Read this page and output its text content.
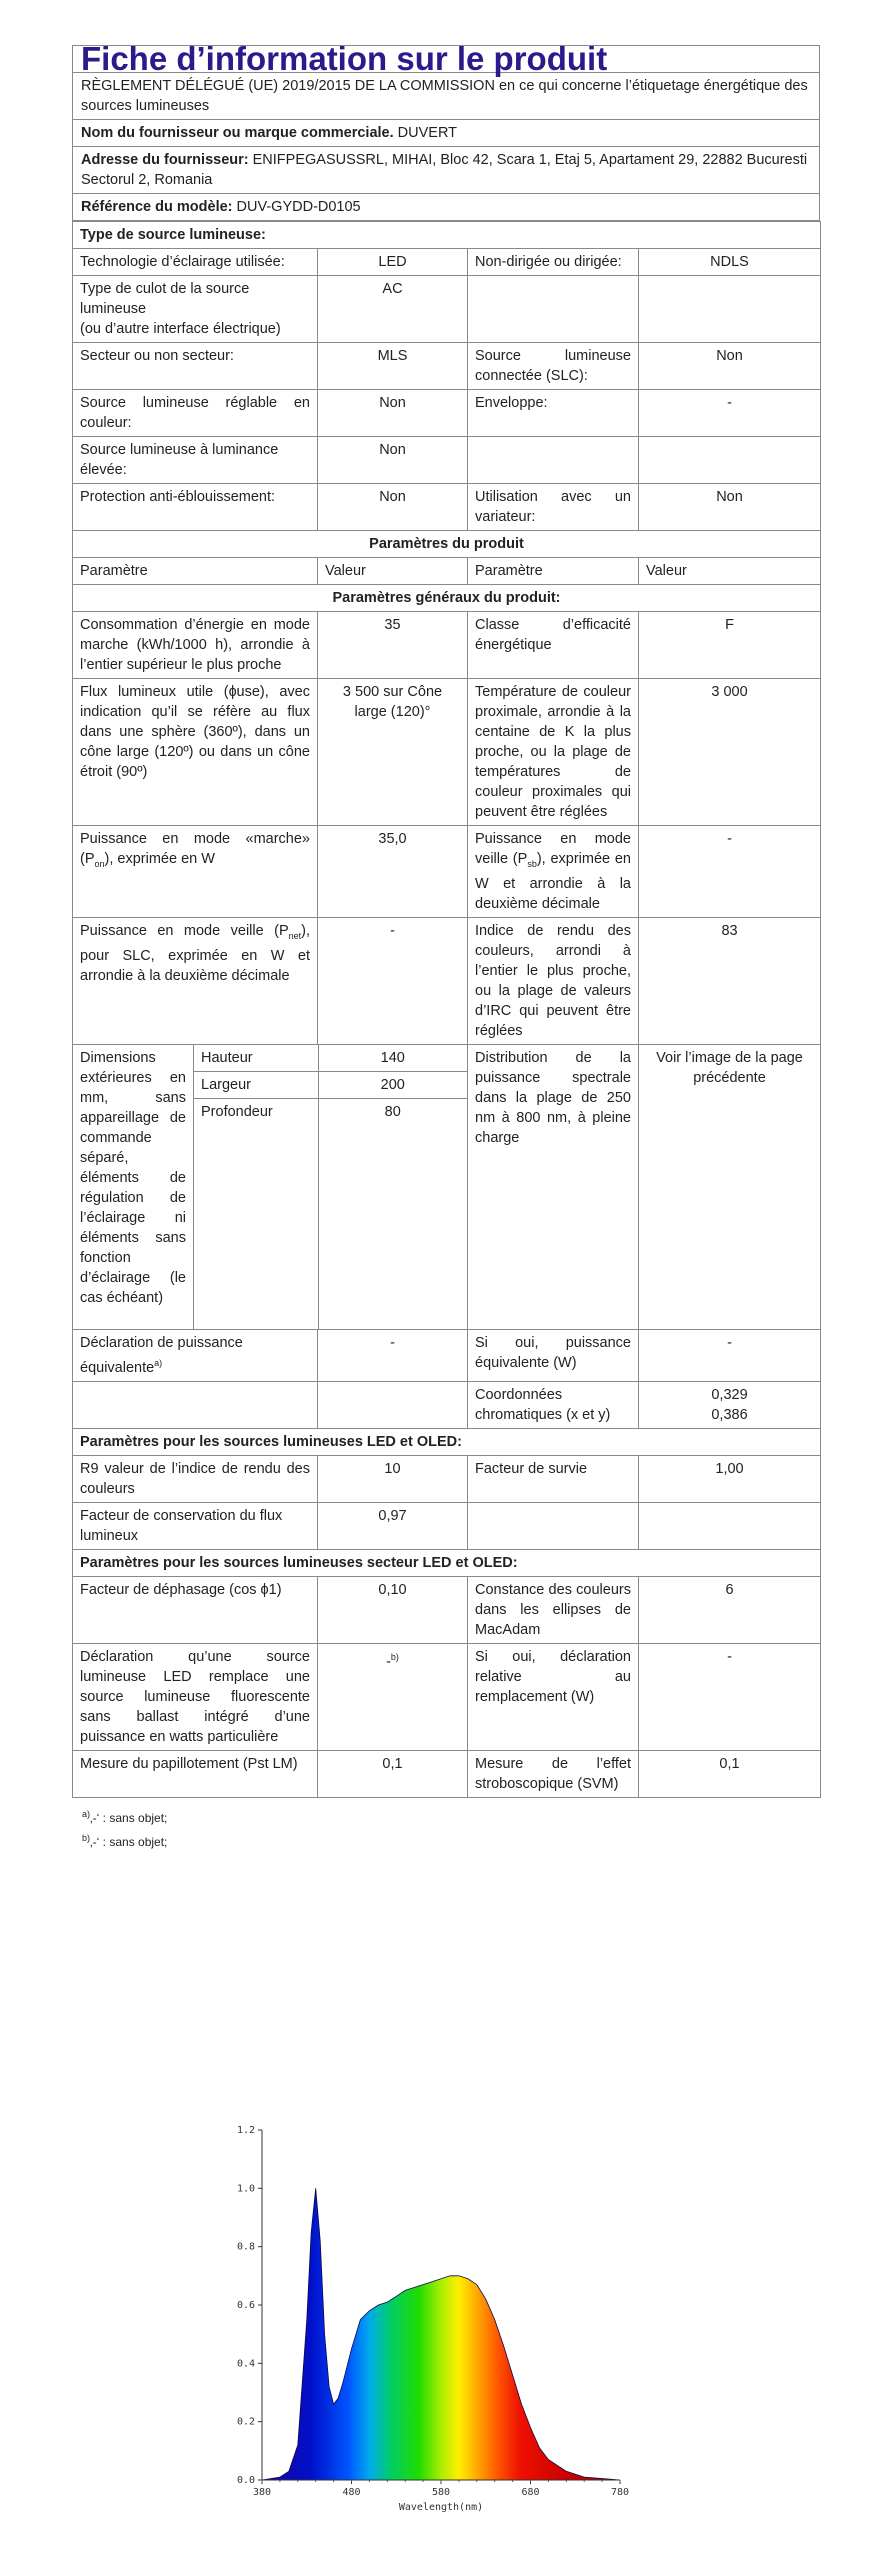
Fiche d’information sur le produit
RÈGLEMENT DÉLÉGUÉ (UE) 2019/2015 DE LA COMMISSION en ce qui concerne l’étiquetage énergétique des sources lumineuses
Nom du fournisseur ou marque commerciale. DUVERT
Adresse du fournisseur: ENIFPEGASUSSRL, MIHAI, Bloc 42, Scara 1, Etaj 5, Apartament 29, 22882 Bucuresti Sectorul 2, Romania
Référence du modèle: DUV-GYDD-D0105
Type de source lumineuse:
Technologie d’éclairage utilisée:	LED	Non-dirigée ou dirigée:	NDLS
Type de culot de la source lumineuse
(ou d’autre interface électrique)	AC		
Secteur ou non secteur:	MLS	Source lumineuse connectée (SLC):	Non
Source lumineuse réglable en couleur:	Non	Enveloppe:	-
Source lumineuse à luminance élevée:	Non		
Protection anti-éblouissement:	Non	Utilisation avec un variateur:	Non
Paramètres du produit
Paramètre	Valeur	Paramètre	Valeur
Paramètres généraux du produit:
Consommation d’énergie en mode marche (kWh/1000 h), arrondie à l’entier supérieur le plus proche	35	Classe d’efficacité énergétique	F
Flux lumineux utile (ɸuse), avec indication qu’il se réfère au flux dans une sphère (360º), dans un cône large (120º) ou dans un cône étroit (90º)	3 500 sur Cône large (120)°	Température de couleur proximale, arrondie à la centaine de K la plus proche, ou la plage de températures de couleur proximales qui peuvent être réglées	3 000
Puissance en mode «marche» $(P_{on})$, exprimée en W	35,0	Puissance en mode veille $(P_{sb})$, exprimée en W et arrondie à la deuxième décimale	-
Puissance en mode veille $(P_{net})$, pour SLC, exprimée en W et arrondie à la deuxième décimale	-	Indice de rendu des couleurs, arrondi à l’entier le plus proche, ou la plage de valeurs d’IRC qui peuvent être réglées	83
Dimensions extérieures en mm, sans appareillage de commande séparé, éléments de régulation de l’éclairage ni éléments sans fonction d’éclairage (le cas échéant)	
Hauteur	140
Largeur	200
Profondeur	80
	Distribution de la puissance spectrale dans la plage de 250 nm à 800 nm, à pleine charge	Voir l’image de la page précédente
Déclaration de puissance équivalente$^{a)}$	-	Si oui, puissance équivalente (W)	-
		Coordonnées chromatiques (x et y)	0,329
0,386
Paramètres pour les sources lumineuses LED et OLED:
R9 valeur de l’indice de rendu des couleurs	10	Facteur de survie	1,00
Facteur de conservation du flux lumineux	0,97		
Paramètres pour les sources lumineuses secteur LED et OLED:
Facteur de déphasage (cos ϕ1)	0,10	Constance des couleurs dans les ellipses de MacAdam	6
Déclaration qu’une source lumineuse LED remplace une source lumineuse fluorescente sans ballast intégré d’une puissance en watts particulière	-$^{b)}$	Si oui, déclaration relative au remplacement (W)	-
Mesure du papillotement (Pst LM)	0,1	Mesure de l’effet stroboscopique (SVM)	0,1
$^{a)}$‚-‘ : sans objet;
$^{b)}$‚-‘ : sans objet;
0.0
0.2
0.4
0.6
0.8
1.0
1.2
380	480	580	680	780
Wavelength(nm)
